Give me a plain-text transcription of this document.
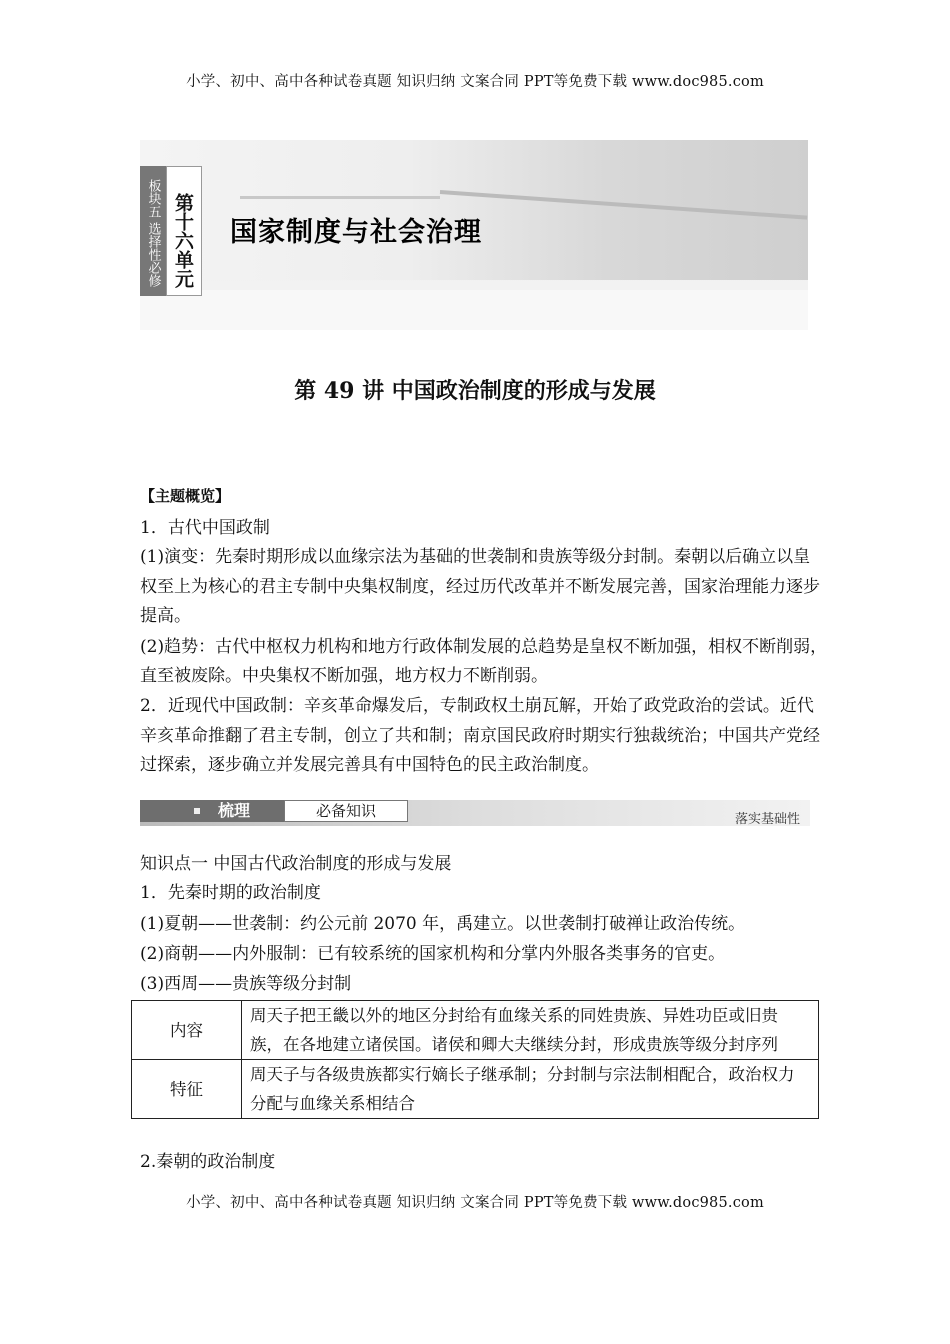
小学、初中、高中各种试卷真题 知识归纳 文案合同 PPT等免费下载 www.doc985.com
板块五 选择性必修 第十六单元 国家制度与社会治理
第 49 讲 中国政治制度的形成与发展
【主题概览】
1．古代中国政制
(1)演变：先秦时期形成以血缘宗法为基础的世袭制和贵族等级分封制。秦朝以后确立以皇
权至上为核心的君主专制中央集权制度，经过历代改革并不断发展完善，国家治理能力逐步
提高。
(2)趋势：古代中枢权力机构和地方行政体制发展的总趋势是皇权不断加强，相权不断削弱，
直至被废除。中央集权不断加强，地方权力不断削弱。
2．近现代中国政制：辛亥革命爆发后，专制政权土崩瓦解，开始了政党政治的尝试。近代
辛亥革命推翻了君主专制，创立了共和制；南京国民政府时期实行独裁统治；中国共产党经
过探索，逐步确立并发展完善具有中国特色的民主政治制度。
梳理	必备知识	落实基础性
知识点一 中国古代政治制度的形成与发展
1．先秦时期的政治制度
(1)夏朝——世袭制：约公元前 2070 年，禹建立。以世袭制打破禅让政治传统。
(2)商朝——内外服制：已有较系统的国家机构和分掌内外服各类事务的官吏。
(3)西周——贵族等级分封制
内容	周天子把王畿以外的地区分封给有血缘关系的同姓贵族、异姓功臣或旧贵族，在各地建立诸侯国。诸侯和卿大夫继续分封，形成贵族等级分封序列
特征	周天子与各级贵族都实行嫡长子继承制；分封制与宗法制相配合，政治权力分配与血缘关系相结合
2.秦朝的政治制度
小学、初中、高中各种试卷真题 知识归纳 文案合同 PPT等免费下载 www.doc985.com
